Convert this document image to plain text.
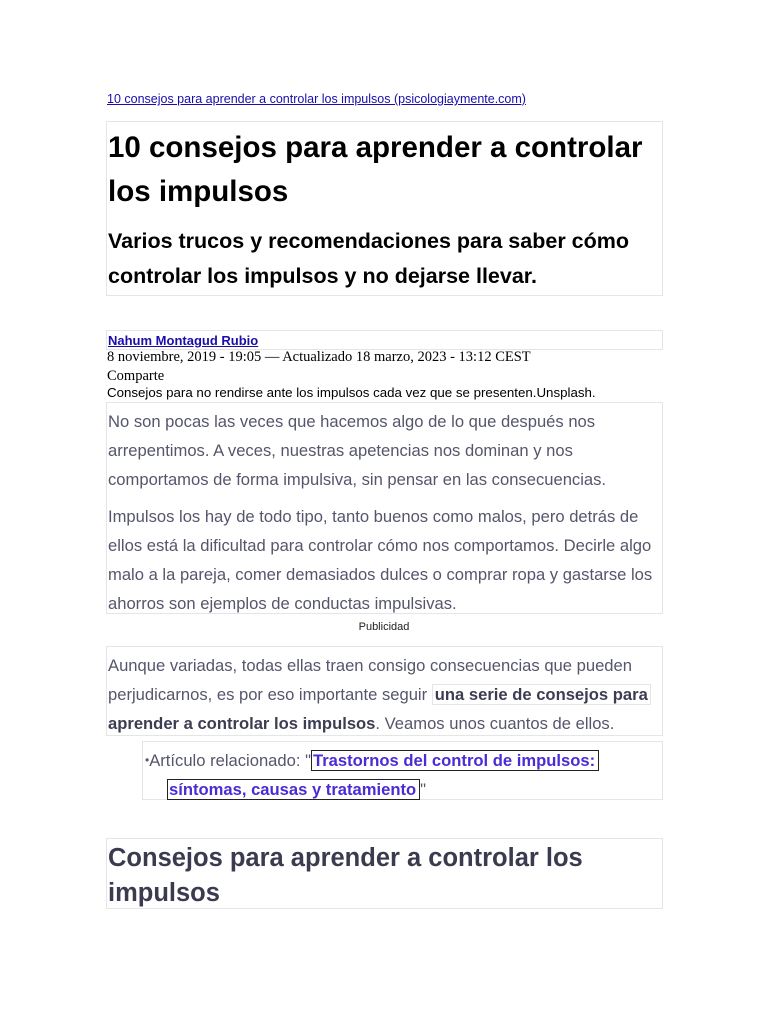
10 consejos para aprender a controlar los impulsos (psicologiaymente.com)
10 consejos para aprender a controlar los impulsos
Varios trucos y recomendaciones para saber cómo controlar los impulsos y no dejarse llevar.
Nahum Montagud Rubio
8 noviembre, 2019 - 19:05 — Actualizado 18 marzo, 2023 - 13:12 CEST
Comparte
Consejos para no rendirse ante los impulsos cada vez que se presenten.Unsplash.

No son pocas las veces que hacemos algo de lo que después nos arrepentimos. A veces, nuestras apetencias nos dominan y nos comportamos de forma impulsiva, sin pensar en las consecuencias.

Impulsos los hay de todo tipo, tanto buenos como malos, pero detrás de ellos está la dificultad para controlar cómo nos comportamos. Decirle algo malo a la pareja, comer demasiados dulces o comprar ropa y gastarse los ahorros son ejemplos de conductas impulsivas.

Publicidad

Aunque variadas, todas ellas traen consigo consecuencias que pueden perjudicarnos, es por eso importante seguir una serie de consejos para aprender a controlar los impulsos. Veamos unos cuantos de ellos.

•Artículo relacionado: " Trastornos del control de impulsos:
síntomas, causas y tratamiento "

Consejos para aprender a controlar los impulsos
